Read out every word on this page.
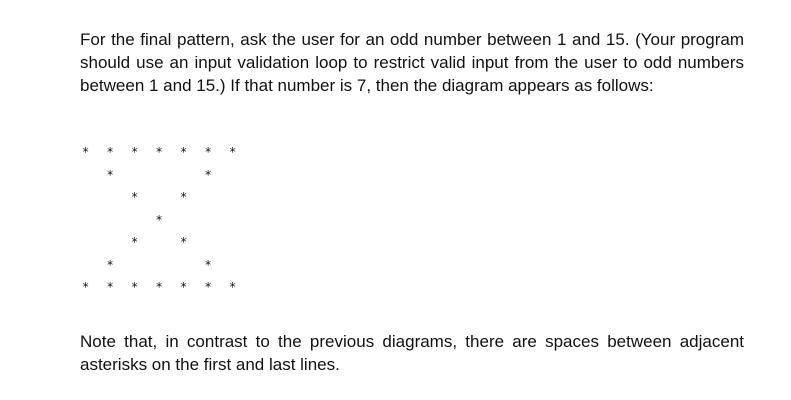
For the final pattern, ask the user for an odd number between 1 and 15. (Your program should use an input validation loop to restrict valid input from the user to odd numbers between 1 and 15.) If that number is 7, then the diagram appears as follows:

* * * * * * *
*	*
*	*
*
*	*
*	*
* * * * * * *

Note that, in contrast to the previous diagrams, there are spaces between adjacent asterisks on the first and last lines.
